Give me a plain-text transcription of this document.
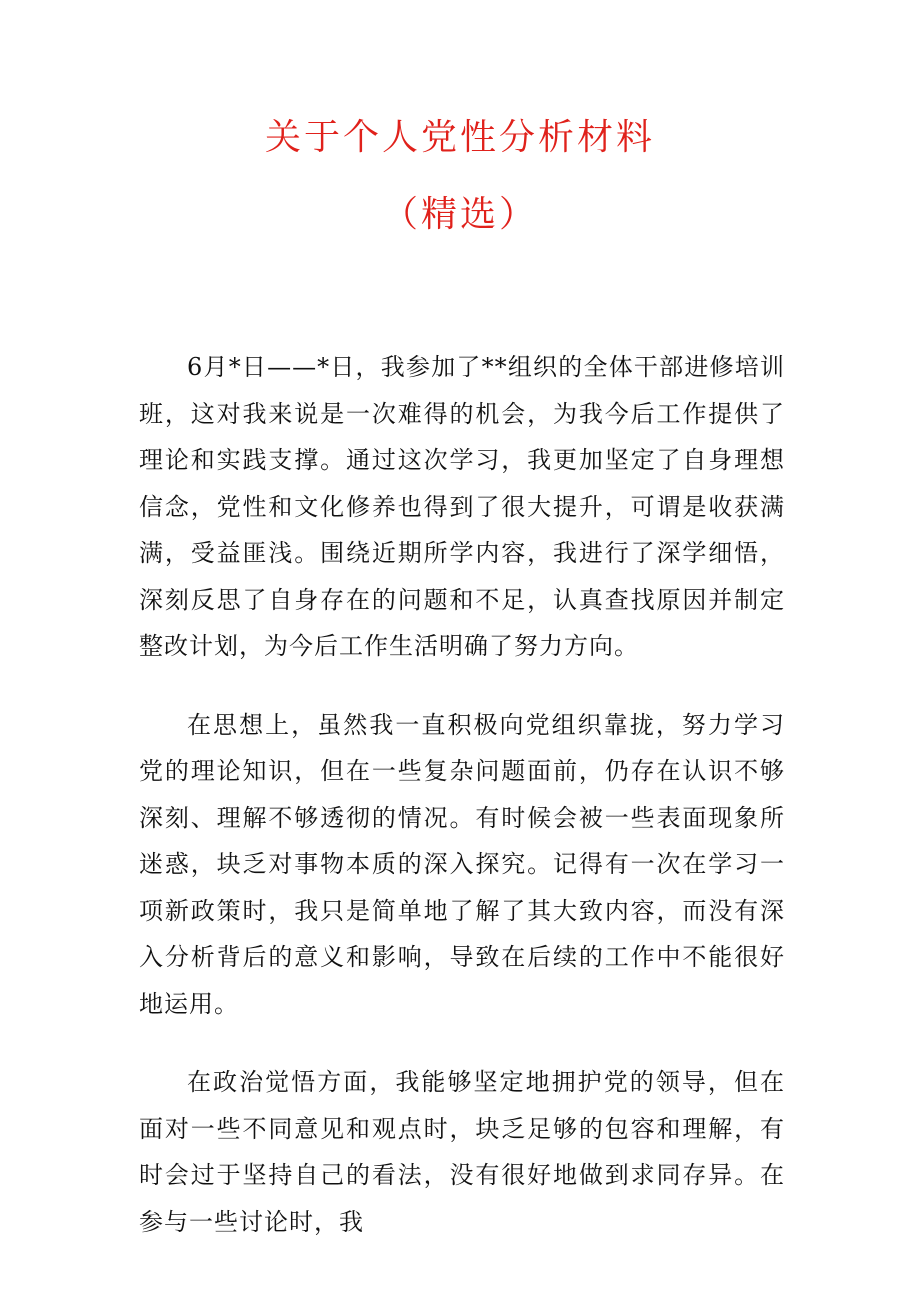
关于个人党性分析材料
（精选）

6月*日——*日，我参加了**组织的全体干部进修培训班，这对我来说是一次难得的机会，为我今后工作提供了理论和实践支撑。通过这次学习，我更加坚定了自身理想信念，党性和文化修养也得到了很大提升，可谓是收获满满，受益匪浅。围绕近期所学内容，我进行了深学细悟，深刻反思了自身存在的问题和不足，认真查找原因并制定整改计划，为今后工作生活明确了努力方向。

在思想上，虽然我一直积极向党组织靠拢，努力学习党的理论知识，但在一些复杂问题面前，仍存在认识不够深刻、理解不够透彻的情况。有时候会被一些表面现象所迷惑，块乏对事物本质的深入探究。记得有一次在学习一项新政策时，我只是简单地了解了其大致内容，而没有深入分析背后的意义和影响，导致在后续的工作中不能很好地运用。

在政治觉悟方面，我能够坚定地拥护党的领导，但在面对一些不同意见和观点时，块乏足够的包容和理解，有时会过于坚持自己的看法，没有很好地做到求同存异。在参与一些讨论时，我
